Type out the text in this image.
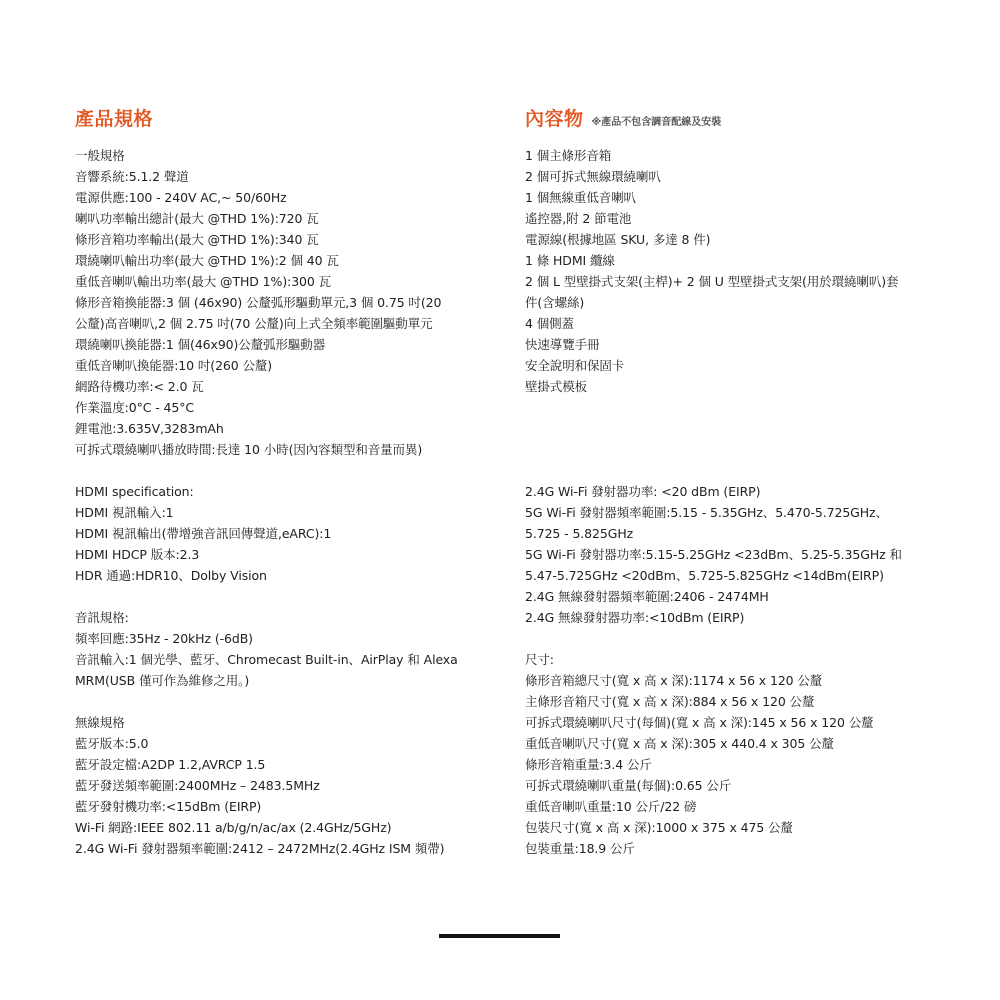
產品規格
一般規格
音響系統:5.1.2 聲道
電源供應:100 - 240V AC,~ 50/60Hz
喇叭功率輸出總計(最大 @THD 1%):720 瓦
條形音箱功率輸出(最大 @THD 1%):340 瓦
環繞喇叭輸出功率(最大 @THD 1%):2 個 40 瓦
重低音喇叭輸出功率(最大 @THD 1%):300 瓦
條形音箱換能器:3 個 (46x90) 公釐弧形驅動單元,3 個 0.75 吋(20
公釐)高音喇叭,2 個 2.75 吋(70 公釐)向上式全頻率範圍驅動單元
環繞喇叭換能器:1 個(46x90)公釐弧形驅動器
重低音喇叭換能器:10 吋(260 公釐)
網路待機功率:< 2.0 瓦
作業溫度:0°C - 45°C
鋰電池:3.635V,3283mAh
可拆式環繞喇叭播放時間:長達 10 小時(因內容類型和音量而異)
HDMI specification:
HDMI 視訊輸入:1
HDMI 視訊輸出(帶增強音訊回傳聲道,eARC):1
HDMI HDCP 版本:2.3
HDR 通過:HDR10、Dolby Vision
音訊規格:
頻率回應:35Hz - 20kHz (-6dB)
音訊輸入:1 個光學、藍牙、Chromecast Built-in、AirPlay 和 Alexa
MRM(USB 僅可作為維修之用。)
無線規格
藍牙版本:5.0
藍牙設定檔:A2DP 1.2,AVRCP 1.5
藍牙發送頻率範圍:2400MHz – 2483.5MHz
藍牙發射機功率:<15dBm (EIRP)
Wi-Fi 網路:IEEE 802.11 a/b/g/n/ac/ax (2.4GHz/5GHz)
2.4G Wi-Fi 發射器頻率範圍:2412 – 2472MHz(2.4GHz ISM 頻帶)
內容物 ※產品不包含調音配線及安裝
1 個主條形音箱
2 個可拆式無線環繞喇叭
1 個無線重低音喇叭
遙控器,附 2 節電池
電源線(根據地區 SKU, 多達 8 件)
1 條 HDMI 纜線
2 個 L 型壁掛式支架(主桿)+ 2 個 U 型壁掛式支架(用於環繞喇叭)套
件(含螺絲)
4 個側蓋
快速導覽手冊
安全說明和保固卡
壁掛式模板
2.4G Wi-Fi 發射器功率: <20 dBm (EIRP)
5G Wi-Fi 發射器頻率範圍:5.15 - 5.35GHz、5.470-5.725GHz、
5.725 - 5.825GHz
5G Wi-Fi 發射器功率:5.15-5.25GHz <23dBm、5.25-5.35GHz 和
5.47-5.725GHz <20dBm、5.725-5.825GHz <14dBm(EIRP)
2.4G 無線發射器頻率範圍:2406 - 2474MH
2.4G 無線發射器功率:<10dBm (EIRP)
尺寸:
條形音箱總尺寸(寬 x 高 x 深):1174 x 56 x 120 公釐
主條形音箱尺寸(寬 x 高 x 深):884 x 56 x 120 公釐
可拆式環繞喇叭尺寸(每個)(寬 x 高 x 深):145 x 56 x 120 公釐
重低音喇叭尺寸(寬 x 高 x 深):305 x 440.4 x 305 公釐
條形音箱重量:3.4 公斤
可拆式環繞喇叭重量(每個):0.65 公斤
重低音喇叭重量:10 公斤/22 磅
包裝尺寸(寬 x 高 x 深):1000 x 375 x 475 公釐
包裝重量:18.9 公斤
